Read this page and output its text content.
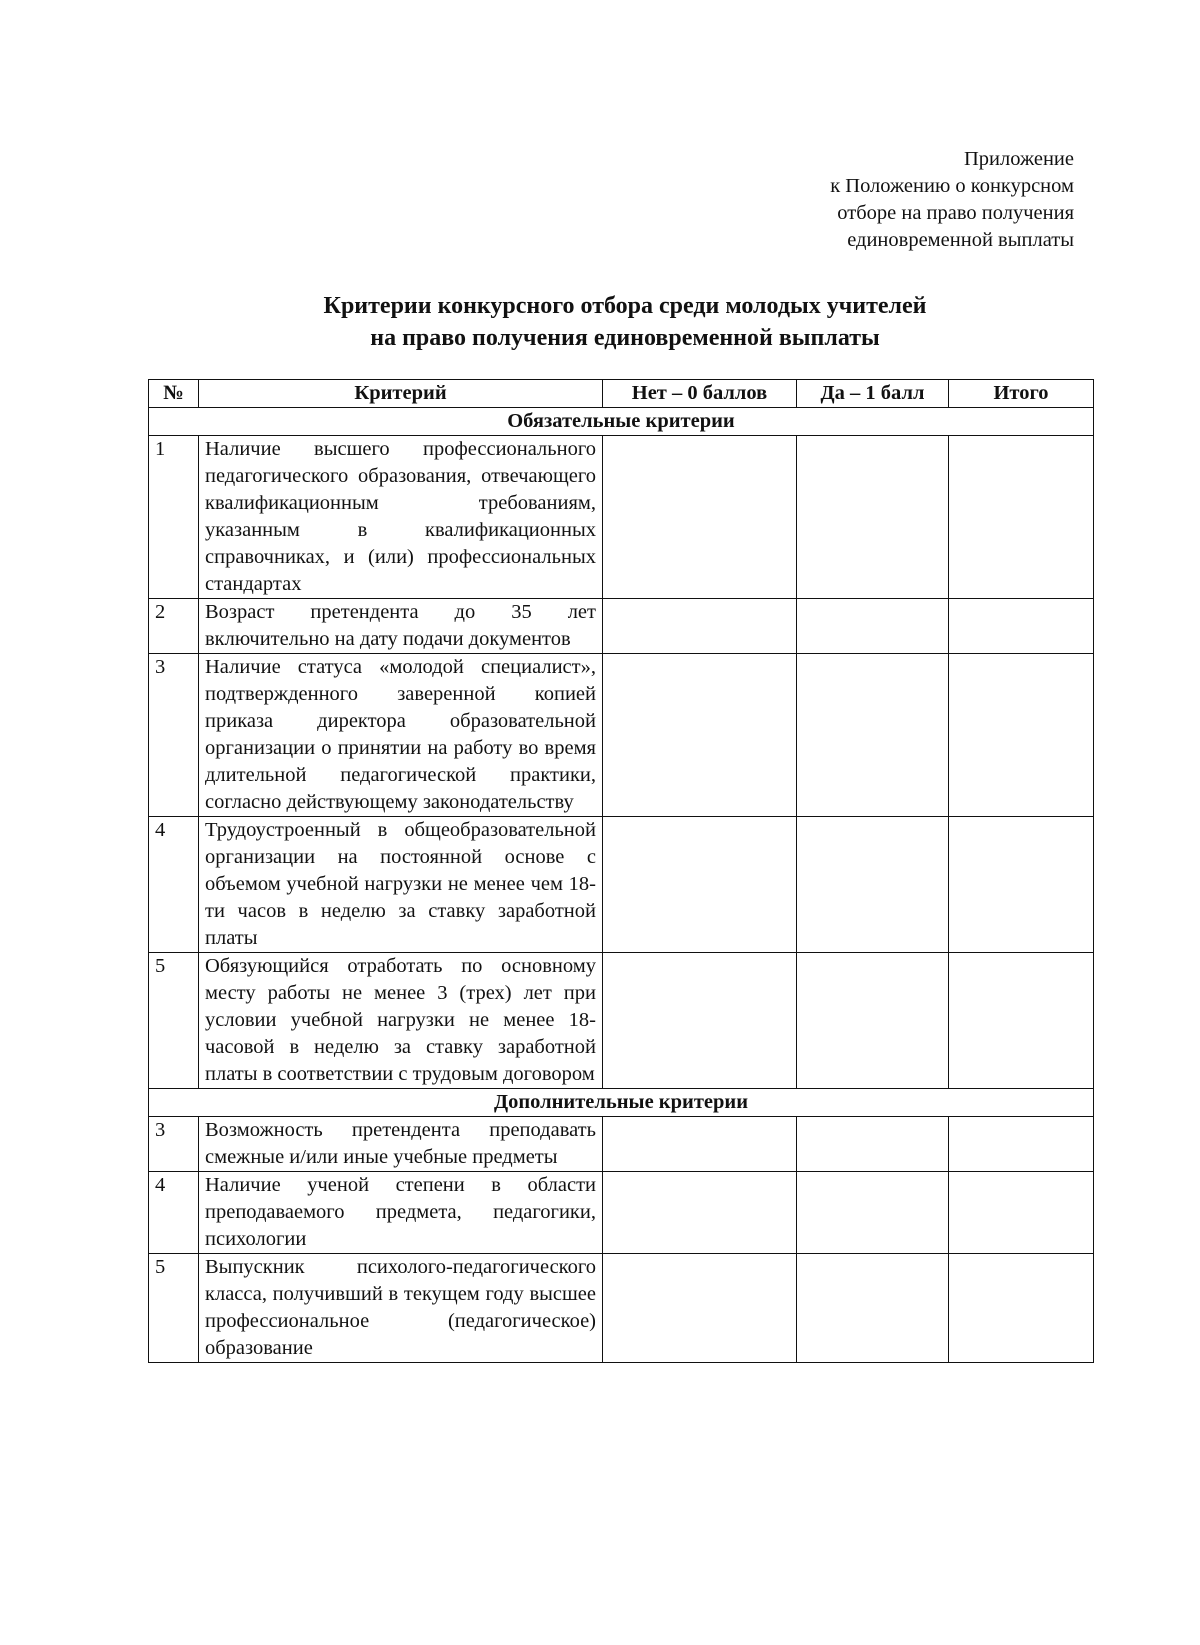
Приложение
к Положению о конкурсном
отборе на право получения
единовременной выплаты
Критерии конкурсного отбора среди молодых учителей
на право получения единовременной выплаты
№	Критерий	Нет – 0 баллов	Да – 1 балл	Итого
Обязательные критерии				
1	Наличие высшего профессионального педагогического образования, отвечающего квалификационным требованиям, указанным в квалификационных справочниках, и (или) профессиональных стандартах			
2	Возраст претендента до 35 лет включительно на дату подачи документов			
3	Наличие статуса «молодой специалист», подтвержденного заверенной копией приказа директора образовательной организации о принятии на работу во время длительной педагогической практики, согласно действующему законодательству			
4	Трудоустроенный в общеобразовательной организации на постоянной основе с объемом учебной нагрузки не менее чем 18-ти часов в неделю за ставку заработной платы			
5	Обязующийся отработать по основному месту работы не менее 3 (трех) лет при условии учебной нагрузки не менее 18-часовой в неделю за ставку заработной платы в соответствии с трудовым договором			
Дополнительные критерии				
3	Возможность претендента преподавать смежные и/или иные учебные предметы			
4	Наличие ученой степени в области преподаваемого предмета, педагогики, психологии			
5	Выпускник психолого-педагогического класса, получивший в текущем году высшее профессиональное (педагогическое) образование			
